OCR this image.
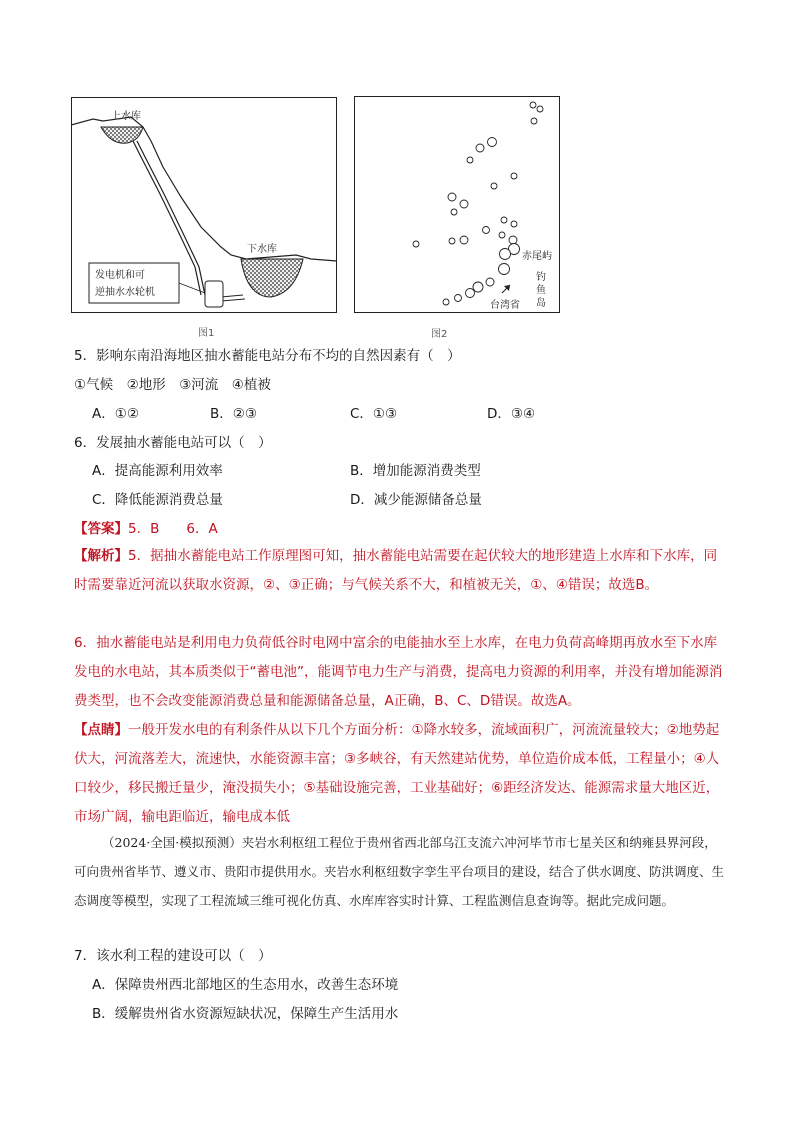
上水库
下水库
发电机和可
逆抽水水轮机
图1
赤尾屿
钓
鱼
岛
台湾省
图2
5．影响东南沿海地区抽水蓄能电站分布不均的自然因素有（　）
①气候　②地形　③河流　④植被
A．①②	B．②③	C．①③	D．③④
6．发展抽水蓄能电站可以（　）
A．提高能源利用效率	B．增加能源消费类型
C．降低能源消费总量	D．减少能源储备总量
【答案】5．B　　6．A
【解析】5．据抽水蓄能电站工作原理图可知，抽水蓄能电站需要在起伏较大的地形建造上水库和下水库，同时需要靠近河流以获取水资源，②、③正确；与气候关系不大，和植被无关，①、④错误；故选B。
6．抽水蓄能电站是利用电力负荷低谷时电网中富余的电能抽水至上水库，在电力负荷高峰期再放水至下水库发电的水电站，其本质类似于“蓄电池”，能调节电力生产与消费，提高电力资源的利用率，并没有增加能源消费类型，也不会改变能源消费总量和能源储备总量，A正确，B、C、D错误。故选A。
【点睛】一般开发水电的有利条件从以下几个方面分析：①降水较多，流域面积广，河流流量较大；②地势起伏大，河流落差大，流速快，水能资源丰富；③多峡谷，有天然建站优势，单位造价成本低，工程量小；④人口较少，移民搬迁量少，淹没损失小；⑤基础设施完善，工业基础好；⑥距经济发达、能源需求量大地区近，市场广阔，输电距临近，输电成本低
（2024·全国·模拟预测）夹岩水利枢纽工程位于贵州省西北部乌江支流六冲河毕节市七星关区和纳雍县界河段，可向贵州省毕节、遵义市、贵阳市提供用水。夹岩水利枢纽数字孪生平台项目的建设，结合了供水调度、防洪调度、生态调度等模型，实现了工程流域三维可视化仿真、水库库容实时计算、工程监测信息查询等。据此完成问题。
7．该水利工程的建设可以（　）
A．保障贵州西北部地区的生态用水，改善生态环境
B．缓解贵州省水资源短缺状况，保障生产生活用水
